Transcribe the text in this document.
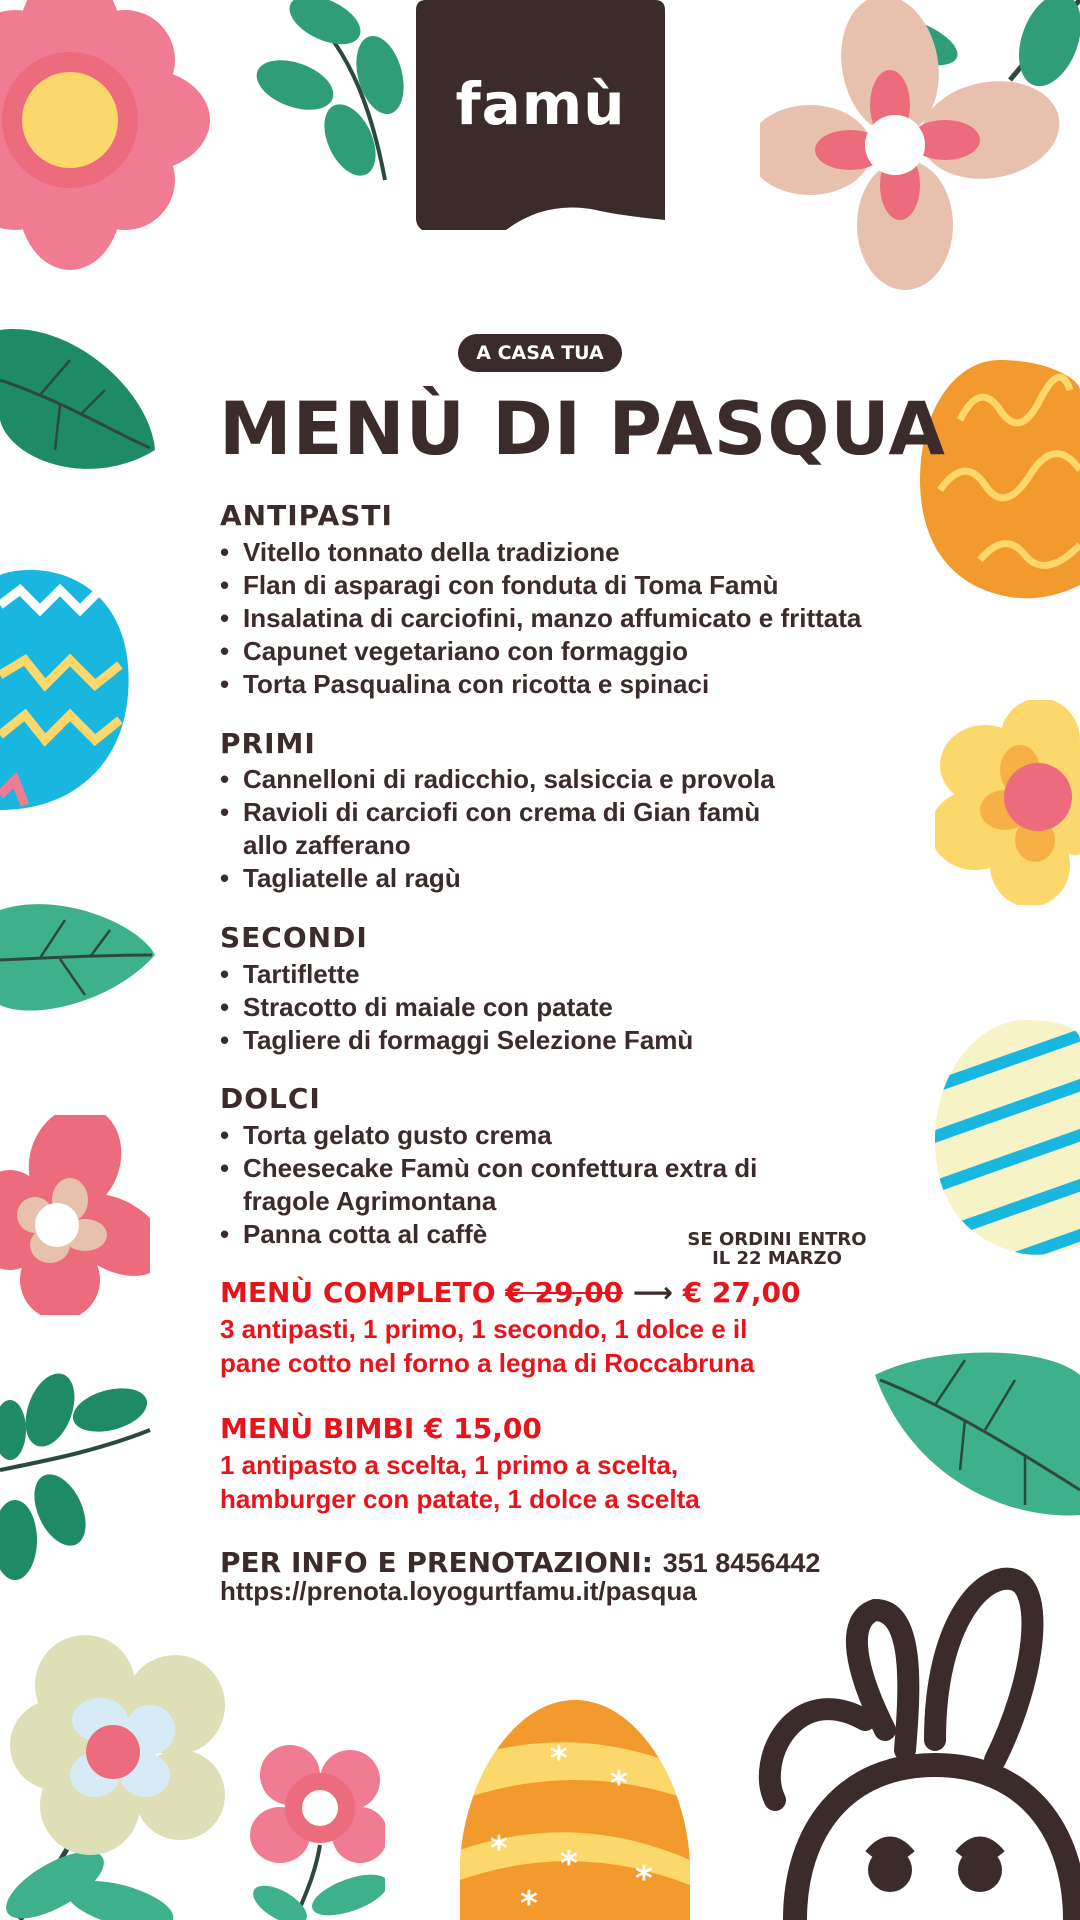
famù
*
*
* * *
*
A CASA TUA
MENÙ DI PASQUA
ANTIPASTI
• Vitello tonnato della tradizione
• Flan di asparagi con fonduta di Toma Famù
• Insalatina di carciofini, manzo affumicato e frittata
• Capunet vegetariano con formaggio
• Torta Pasqualina con ricotta e spinaci
PRIMI
• Cannelloni di radicchio, salsiccia e provola
• Ravioli di carciofi con crema di Gian famù allo zafferano
• Tagliatelle al ragù
SECONDI
• Tartiflette
• Stracotto di maiale con patate
• Tagliere di formaggi Selezione Famù
DOLCI
• Torta gelato gusto crema
• Cheesecake Famù con confettura extra di fragole Agrimontana
• Panna cotta al caffè	SE ORDINI ENTRO IL 22 MARZO
MENÙ COMPLETO € 29,00 ⟶ € 27,00
3 antipasti, 1 primo, 1 secondo, 1 dolce e il pane cotto nel forno a legna di Roccabruna
MENÙ BIMBI € 15,00
1 antipasto a scelta, 1 primo a scelta, hamburger con patate, 1 dolce a scelta
PER INFO E PRENOTAZIONI: 351 8456442
https://prenota.loyogurtfamu.it/pasqua
